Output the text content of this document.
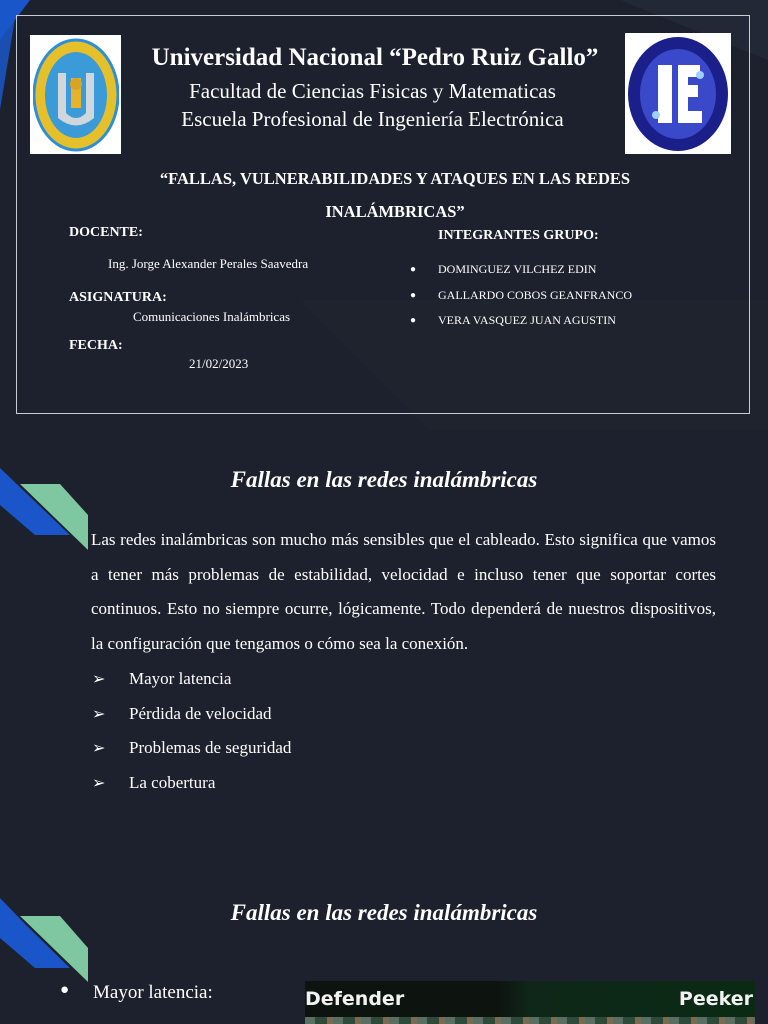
Universidad Nacional “Pedro Ruiz Gallo”
Facultad de Ciencias Fisicas y Matematicas
Escuela Profesional de Ingeniería Electrónica
“FALLAS, VULNERABILIDADES Y ATAQUES EN LAS REDES INALÁMBRICAS”
DOCENTE:
Ing. Jorge Alexander Perales Saavedra
ASIGNATURA:
Comunicaciones Inalámbricas
FECHA:
21/02/2023
INTEGRANTES GRUPO:
● DOMINGUEZ VILCHEZ EDIN
● GALLARDO COBOS GEANFRANCO
● VERA VASQUEZ JUAN AGUSTIN
Fallas en las redes inalámbricas
Las redes inalámbricas son mucho más sensibles que el cableado. Esto significa que vamos a tener más problemas de estabilidad, velocidad e incluso tener que soportar cortes continuos. Esto no siempre ocurre, lógicamente. Todo dependerá de nuestros dispositivos, la configuración que tengamos o cómo sea la conexión.
➢ Mayor latencia
➢ Pérdida de velocidad
➢ Problemas de seguridad
➢ La cobertura
Fallas en las redes inalámbricas
● Mayor latencia:	Defender	Peeker
